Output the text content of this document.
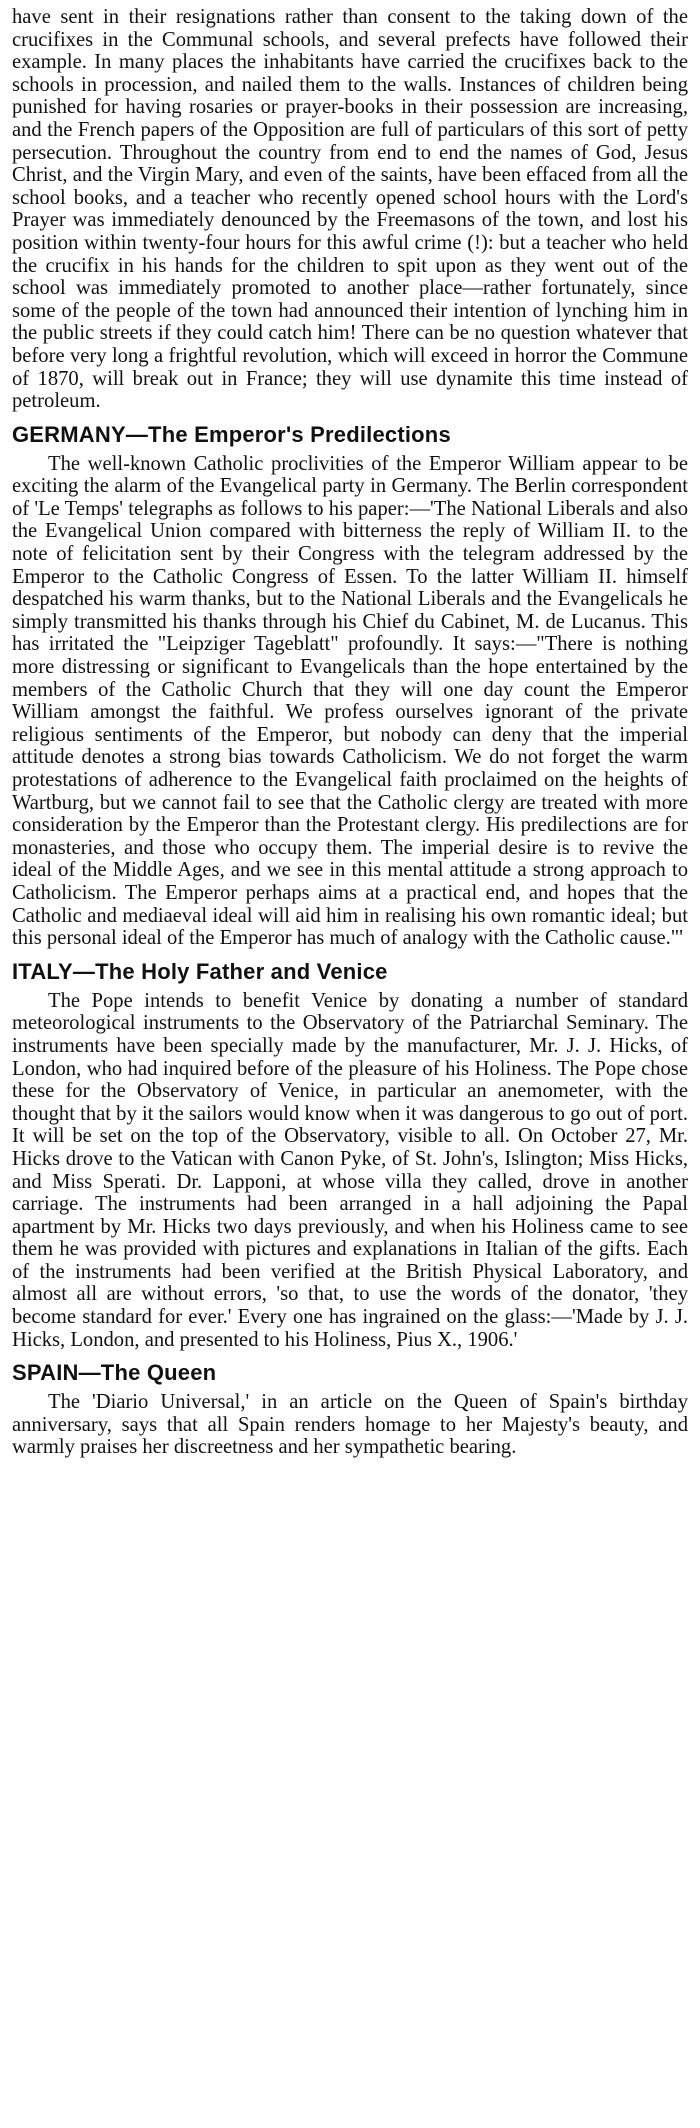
have sent in their resignations rather than consent to the taking down of the crucifixes in the Communal schools, and several prefects have followed their example. In many places the inhabitants have carried the crucifixes back to the schools in procession, and nailed them to the walls. Instances of children being punished for having rosaries or prayer-books in their possession are increasing, and the French papers of the Opposition are full of particulars of this sort of petty persecution. Throughout the country from end to end the names of God, Jesus Christ, and the Virgin Mary, and even of the saints, have been effaced from all the school books, and a teacher who recently opened school hours with the Lord's Prayer was immediately denounced by the Freemasons of the town, and lost his position within twenty-four hours for this awful crime (!): but a teacher who held the crucifix in his hands for the children to spit upon as they went out of the school was immediately promoted to another place—rather fortunately, since some of the people of the town had announced their intention of lynching him in the public streets if they could catch him! There can be no question whatever that before very long a frightful revolution, which will exceed in horror the Commune of 1870, will break out in France; they will use dynamite this time instead of petroleum.

GERMANY—The Emperor's Predilections

The well-known Catholic proclivities of the Emperor William appear to be exciting the alarm of the Evangelical party in Germany. The Berlin correspondent of 'Le Temps' telegraphs as follows to his paper:—'The National Liberals and also the Evangelical Union compared with bitterness the reply of William II. to the note of felicitation sent by their Congress with the telegram addressed by the Emperor to the Catholic Congress of Essen. To the latter William II. himself despatched his warm thanks, but to the National Liberals and the Evangelicals he simply transmitted his thanks through his Chief du Cabinet, M. de Lucanus. This has irritated the "Leipziger Tageblatt" profoundly. It says:—"There is nothing more distressing or significant to Evangelicals than the hope entertained by the members of the Catholic Church that they will one day count the Emperor William amongst the faithful. We profess ourselves ignorant of the private religious sentiments of the Emperor, but nobody can deny that the imperial attitude denotes a strong bias towards Catholicism. We do not forget the warm protestations of adherence to the Evangelical faith proclaimed on the heights of Wartburg, but we cannot fail to see that the Catholic clergy are treated with more consideration by the Emperor than the Protestant clergy. His predilections are for monasteries, and those who occupy them. The imperial desire is to revive the ideal of the Middle Ages, and we see in this mental attitude a strong approach to Catholicism. The Emperor perhaps aims at a practical end, and hopes that the Catholic and mediaeval ideal will aid him in realising his own romantic ideal; but this personal ideal of the Emperor has much of analogy with the Catholic cause."'

ITALY—The Holy Father and Venice

The Pope intends to benefit Venice by donating a number of standard meteorological instruments to the Observatory of the Patriarchal Seminary. The instruments have been specially made by the manufacturer, Mr. J. J. Hicks, of London, who had inquired before of the pleasure of his Holiness. The Pope chose these for the Observatory of Venice, in particular an anemometer, with the thought that by it the sailors would know when it was dangerous to go out of port. It will be set on the top of the Observatory, visible to all. On October 27, Mr. Hicks drove to the Vatican with Canon Pyke, of St. John's, Islington; Miss Hicks, and Miss Sperati. Dr. Lapponi, at whose villa they called, drove in another carriage. The instruments had been arranged in a hall adjoining the Papal apartment by Mr. Hicks two days previously, and when his Holiness came to see them he was provided with pictures and explanations in Italian of the gifts. Each of the instruments had been verified at the British Physical Laboratory, and almost all are without errors, 'so that, to use the words of the donator, 'they become standard for ever.' Every one has ingrained on the glass:—'Made by J. J. Hicks, London, and presented to his Holiness, Pius X., 1906.'

SPAIN—The Queen

The 'Diario Universal,' in an article on the Queen of Spain's birthday anniversary, says that all Spain renders homage to her Majesty's beauty, and warmly praises her discreetness and her sympathetic bearing.
